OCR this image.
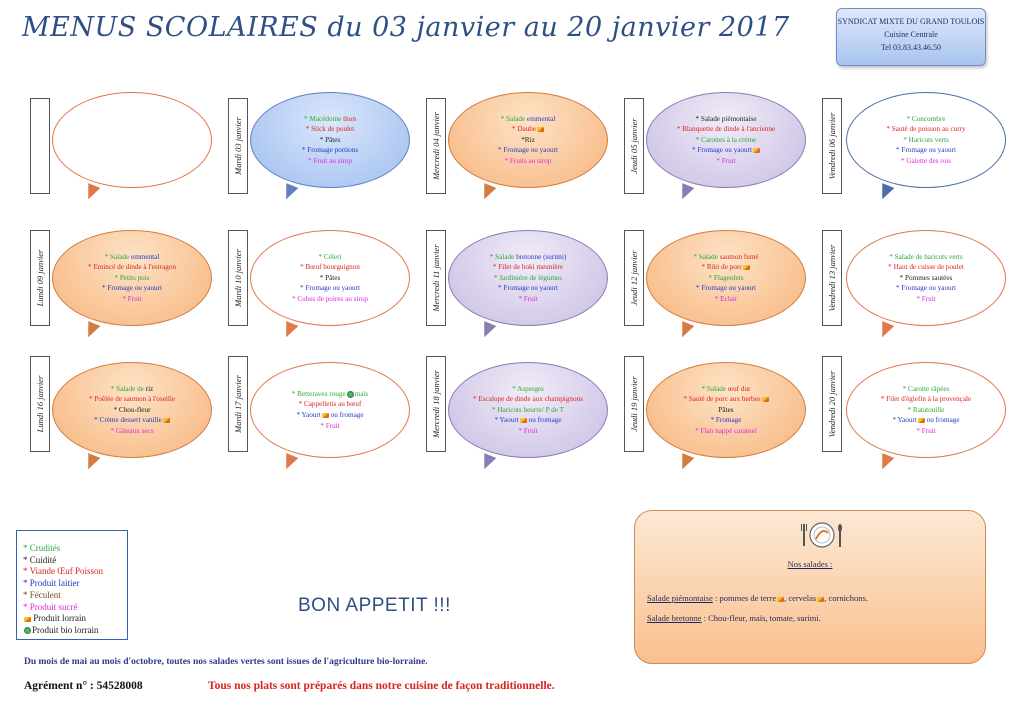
MENUS SCOLAIRES du 03 janvier au 20 janvier 2017	SYNDICAT MIXTE DU GRAND TOULOIS
Cuisine Centrale
Tel 03.83.43.46.50
Mardi 03 janvier	* Macédoine thon
* Stick de poulet
* Pâtes
* Fromage portions
* Fruit au sirop	Mercredi 04 janvier	* Salade emmental
* Daube
*Riz
* Fromage ou yaourt
* Fruits au sirop	Jeudi 05 janvier	* Salade piémontaise
* Blanquette de dinde à l'ancienne
* Carottes à la crème
* Fromage ou yaourt
* Fruit	Vendredi 06 janvier	* Concombre
* Sauté de poisson au curry
* Haricots verts
* Fromage ou yaourt
* Galette des rois
Lundi 09 janvier	* Salade emmental
* Emincé de dinde à l'estragon
* Petits pois
* Fromage ou yaourt
* Fruit	Mardi 10 janvier	* Céleri
* Bœuf bourguignon
* Pâtes
* Fromage ou yaourt
* Cubes de poires au sirop	Mercredi 11 janvier	* Salade bretonne (surimi)
* Filet de hoki meunière
* Jardinière de légumes
* Fromage ou yaourt
* Fruit	Jeudi 12 janvier	* Salade saumon fumé
* Rôti de porc
* Flageolets
* Fromage ou yaourt
* Eclair	Vendredi 13 janvier	* Salade de haricots verts
* Haut de cuisse de poulet
* Pommes sautées
* Fromage ou yaourt
* Fruit
Lundi 16 janvier	* Salade de riz
* Poêlée de saumon à l'oseille
* Chou-fleur
* Crème dessert vanille
* Gâteaux secs	Mardi 17 janvier	* Betteraves rouge maïs
* Cappelletis au bœuf
* Yaourt ou fromage
* Fruit	Mercredi 18 janvier	* Asperges
* Escalope de dinde aux champignons
* Haricots beurre/ P de T
* Yaourt ou fromage
* Fruit	Jeudi 19 janvier	* Salade œuf dur
* Sauté de porc aux herbes
Pâtes
* Fromage
* Flan nappé caramel	Vendredi 20 janvier	* Carotte râpées
* Filet d'églefin à la provençale
* Ratatouille
* Yaourt ou fromage
* Fruit
* Crudités
* Cuidité
* Viande Œuf Poisson
* Produit laitier
* Féculent
* Produit sucré
Produit lorrain
Produit bio lorrain
BON APPETIT !!!
Nos salades :
Salade piémontaise : pommes de terre , cervelas , cornichons.
Salade bretonne : Chou-fleur, maïs, tomate, surimi.
Du mois de mai au mois d'octobre, toutes nos salades vertes sont issues de l'agriculture bio-lorraine.
Agrément n° : 54528008	Tous nos plats sont préparés dans notre cuisine de façon traditionnelle.
